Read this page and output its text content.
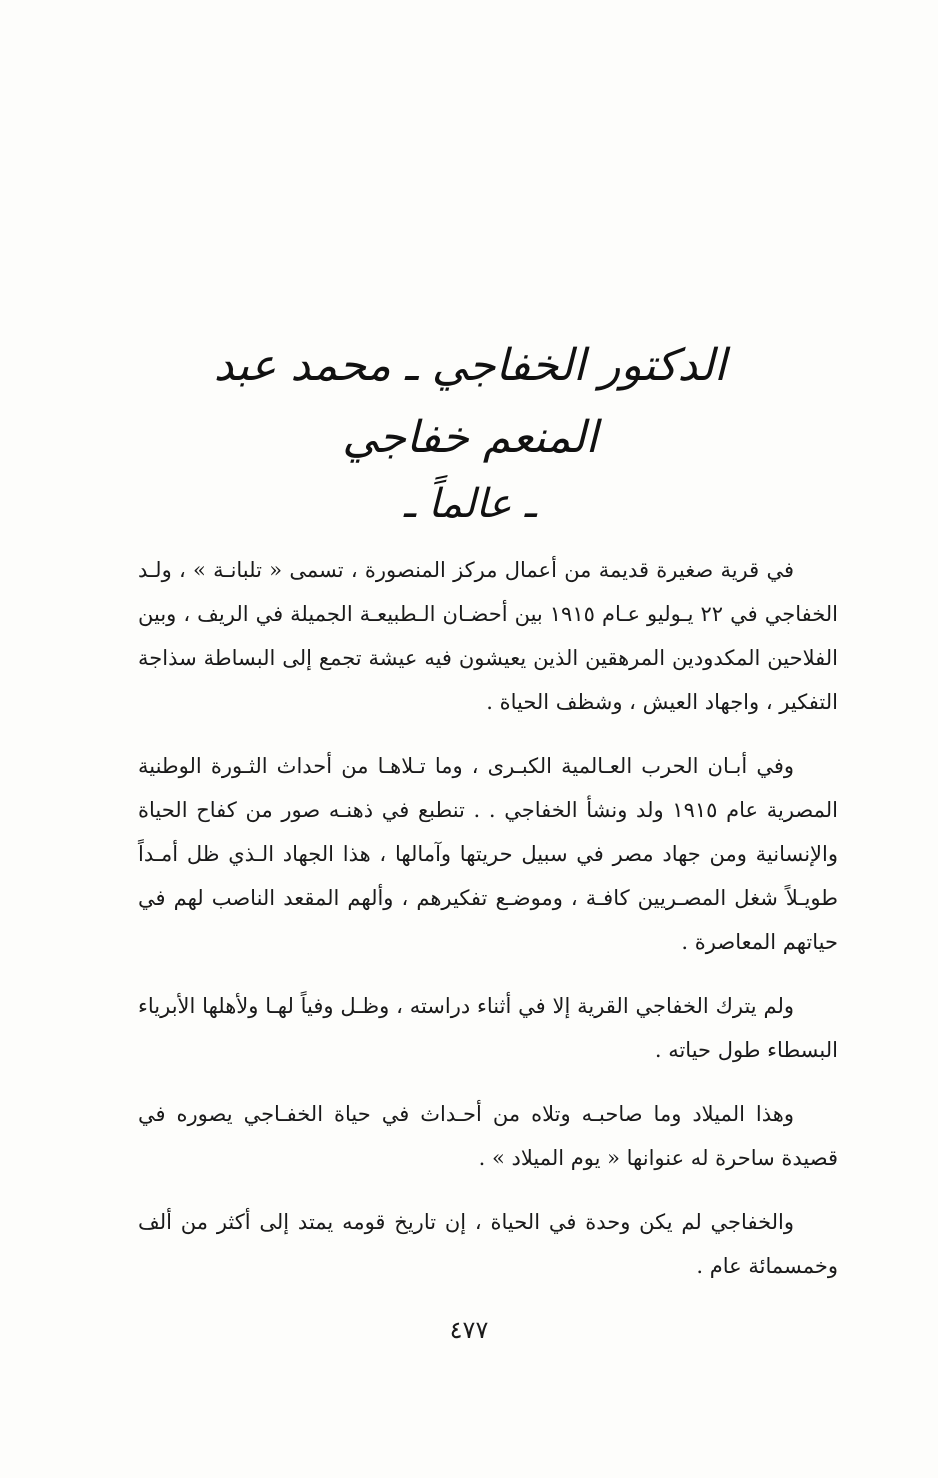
الدكتور الخفاجي ـ محمد عبد المنعم خفاجي
ـ عالماً ـ

في قرية صغيرة قديمة من أعمال مركز المنصورة ، تسمى « تلبانـة » ، ولـد الخفاجي في ٢٢ يـوليو عـام ١٩١٥ بين أحضـان الـطبيعـة الجميلة في الريف ، وبين الفلاحين المكدودين المرهقين الذين يعيشون فيه عيشة تجمع إلى البساطة سذاجة التفكير ، واجهاد العيش ، وشظف الحياة .

وفي أبـان الحرب العـالمية الكبـرى ، وما تـلاهـا من أحداث الثـورة الوطنية المصرية عام ١٩١٥ ولد ونشأ الخفاجي . . تنطبع في ذهنـه صور من كفاح الحياة والإنسانية ومن جهاد مصر في سبيل حريتها وآمالها ، هذا الجهاد الـذي ظل أمـداً طويـلاً شغل المصـريين كافـة ، وموضـع تفكيرهم ، وألهم المقعد الناصب لهم في حياتهم المعاصرة .

ولم يترك الخفاجي القرية إلا في أثناء دراسته ، وظـل وفياً لهـا ولأهلها الأبرياء البسطاء طول حياته .

وهذا الميلاد وما صاحبـه وتلاه من أحـداث في حياة الخفـاجي يصوره في قصيدة ساحرة له عنوانها « يوم الميلاد » .

والخفاجي لم يكن وحدة في الحياة ، إن تاريخ قومه يمتد إلى أكثر من ألف وخمسمائة عام .

٤٧٧
